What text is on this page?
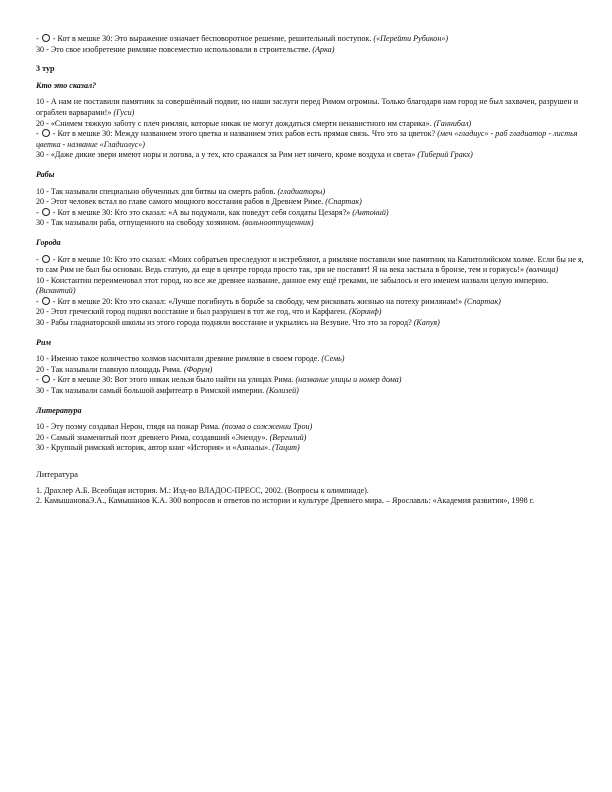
-  - Кот в мешке 30: Это выражение означает бесповоротное решение, решительный поступок. («Перейти Рубикон»)

30 - Это свое изобретение римляне повсеместно использовали в строительстве. (Арка)

3 тур

Кто это сказал?

10 - А нам не поставили памятник за совершённый подвиг, но наши заслуги перед Римом огромны. Только благодаря нам город не был захвачен, разрушен и ограблен варварами!» (Гуси)

20 - «Снимем тяжкую заботу с плеч римлян, которые никак не могут дождаться смерти ненавистного им старика». (Ганнибал)

-  - Кот в мешке 30: Между названием этого цветка и названием этих рабов есть прямая связь. Что это за цветок? (меч «гладиус» - раб гладиатор - листья цветка - название «Гладиолус»)

30 - «Даже дикие звери имеют норы и логова, а у тех, кто сражался за Рим нет ничего, кроме воздуха и света» (Тиберий Гракх)

Рабы

10 - Так называли специально обученных для битвы на смерть рабов. (гладиаторы)

20 - Этот человек встал во главе самого мощного восстания рабов в Древнем Риме. (Спартак)

-  - Кот в мешке 30: Кто это сказал: «А вы подумали, как поведут себя солдаты Цезаря?» (Антоний)

30 - Так называли раба, отпущенного на свободу хозяином. (вольноотпущенник)

Города

-  - Кот в мешке 10: Кто это сказал: «Моих собратьев преследуют и истребляют, а римляне поставили мне памятник на Капитолийском холме. Если бы не я, то сам Рим не был бы основан. Ведь статую, да еще в центре города просто так, зря не поставят! Я на века застыла в бронзе, тем и горжусь!» (волчица)

10 - Константин переименовал этот город, но все же древнее название, данное ему ещё греками, не забылось и его именем назвали целую империю. (Византий)

-  - Кот в мешке 20: Кто это сказал: «Лучше погибнуть в борьбе за свободу, чем рисковать жизнью на потеху римлянам!» (Спартак)

20 - Этот греческий город поднял восстание и был разрушен в тот же год, что и Карфаген. (Коринф)

30 - Рабы гладиаторской школы из этого города подняли восстание и укрылись на Везувие. Что это за город? (Капуя)

Рим

10 - Именно такое количество холмов насчитали древние римляне в своем городе. (Семь)

20 - Так называли главную площадь Рима. (Форум)

-  - Кот в мешке 30: Вот этого никак нельзя было найти на улицах Рима. (название улицы и номер дома)

30 - Так называли самый большой амфитеатр в Римской империи. (Колизей)

Литература

10 - Эту поэму создавал Нерон, глядя на пожар Рима. (поэма о сожжении Трои)

20 - Самый знаменитый поэт древнего Рима, создавший «Энеиду». (Вергилий)

30 - Крупный римский историк, автор книг «История» и «Анналы». (Тацит)

Литература

1. Драхлер А.Б. Всеобщая история. М.: Изд-во ВЛАДОС-ПРЕСС, 2002. (Вопросы к олимпиаде).

2. КамышановаЭ.А., Камышанов К.А. 300 вопросов и ответов по истории и культуре Древнего мира. – Ярославль: «Академия развития», 1998 г.
